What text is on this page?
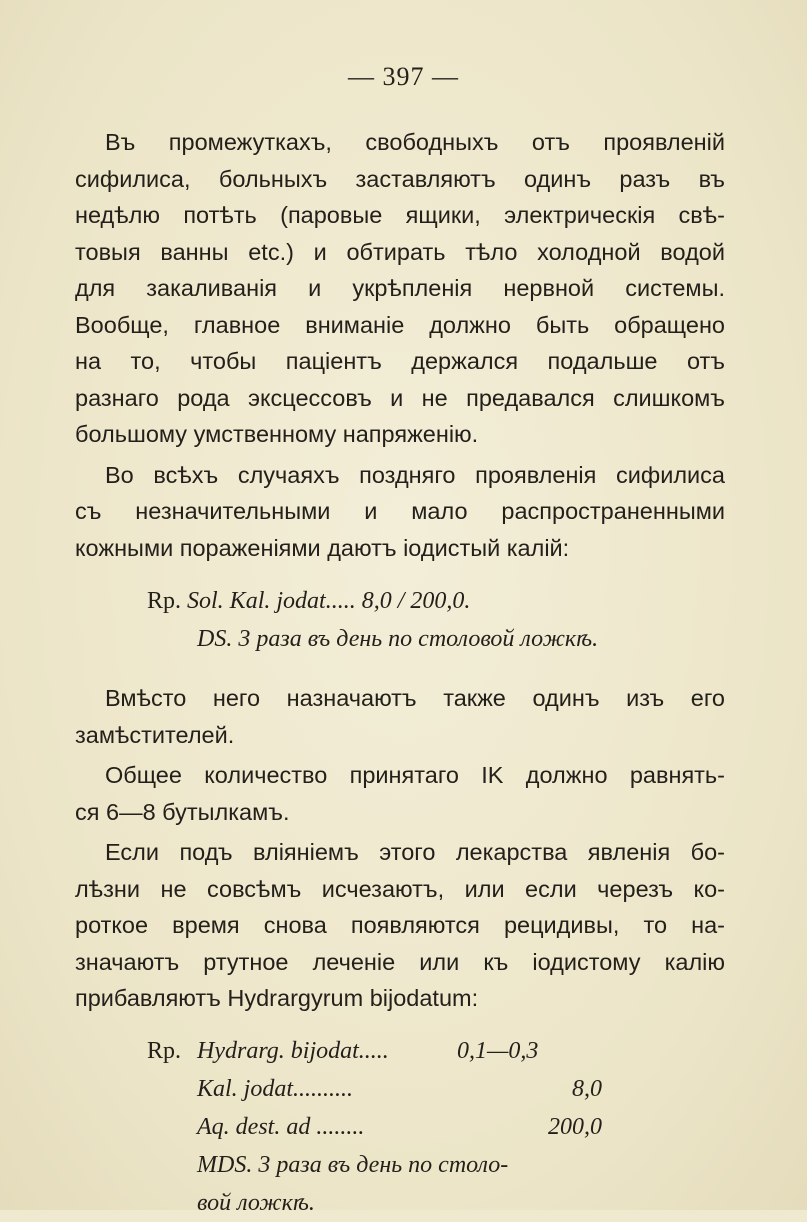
— 397 —
Въ промежуткахъ, свободныхъ отъ проявленій
сифилиса, больныхъ заставляютъ одинъ разъ въ
недѣлю потѣть (паровые ящики, электрическія свѣ-
товыя ванны etc.) и обтирать тѣло холодной водой
для закаливанія и укрѣпленія нервной системы.
Вообще, главное вниманіе должно быть обращено
на то, чтобы паціентъ держался подальше отъ
разнаго рода эксцессовъ и не предавался слишкомъ
большому умственному напряженію.
Во всѣхъ случаяхъ поздняго проявленія сифилиса
съ незначительными и мало распространенными
кожными пораженіями даютъ іодистый калій:
Rp. Sol. Kal. jodat..... 8,0 / 200,0.
DS. 3 раза въ день по столовой ложкѣ.
Вмѣсто него назначаютъ также одинъ изъ его
замѣстителей.
Общее количество принятаго IK должно равнять-
ся 6—8 бутылкамъ.
Если подъ вліяніемъ этого лекарства явленія бо-
лѣзни не совсѣмъ исчезаютъ, или если черезъ ко-
роткое время снова появляются рецидивы, то на-
значаютъ ртутное леченіе или къ іодистому калію
прибавляютъ Hydrargyrum bijodatum:
Rp. Hydrarg. bijodat.....	0,1—0,3
Kal. jodat..........	8,0
Aq. dest. ad ........	200,0
MDS. 3 раза въ день по столо-
вой ложкѣ.
